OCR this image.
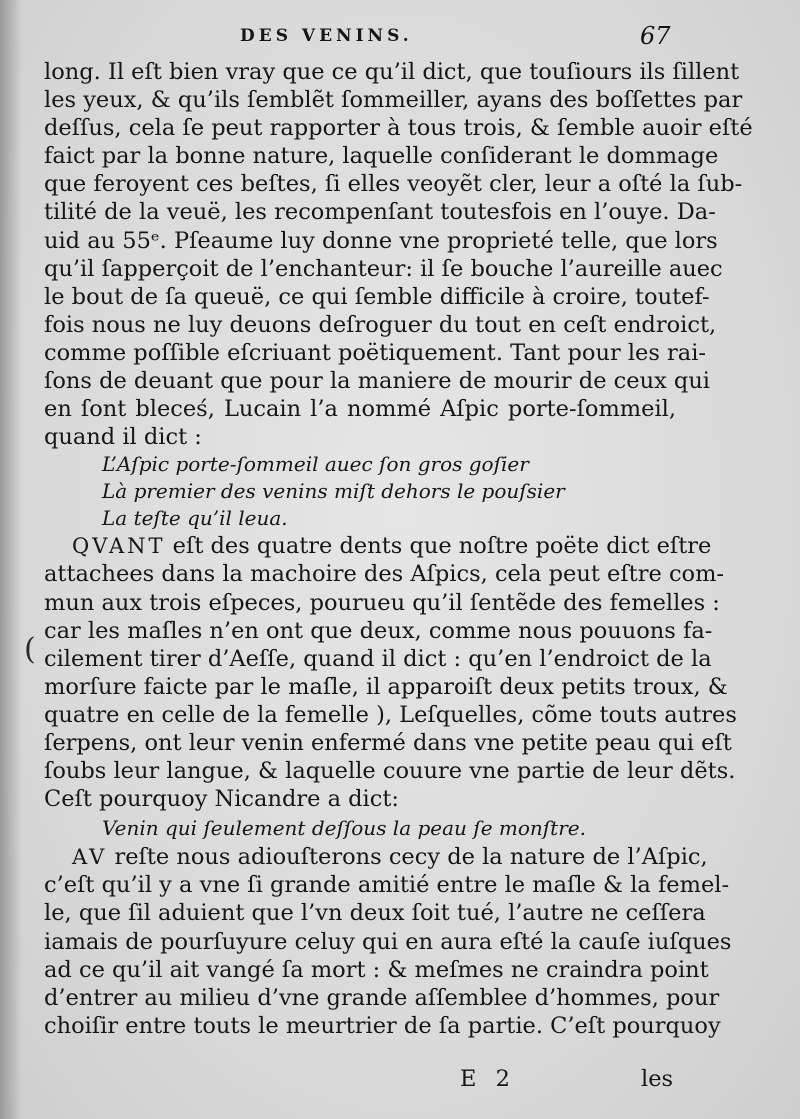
DES VENINS.	67
(
long. Il eſt bien vray que ce qu’il dict, que touſiours ils ſillent
les yeux, & qu’ils ſemblẽt ſommeiller, ayans des boſſettes par
deſſus, cela ſe peut rapporter à tous trois, & ſemble auoir eſté
faict par la bonne nature, laquelle conſiderant le dommage
que feroyent ces beſtes, ſi elles veoyẽt cler, leur a oſté la ſub-
tilité de la veuë, les recompenſant toutesfois en l’ouye. Da-
uid au 55ᵉ. Pſeaume luy donne vne proprieté telle, que lors
qu’il ſapperçoit de l’enchanteur: il ſe bouche l’aureille auec
le bout de ſa queuë, ce qui ſemble difficile à croire, toutef-
fois nous ne luy deuons deſroguer du tout en ceſt endroict,
comme poſſible eſcriuant poëtiquement. Tant pour les rai-
ſons de deuant que pour la maniere de mourir de ceux qui
en ſont bleceś, Lucain l’a nommé Aſpic porte-ſommeil,
quand il dict :
L’Aſpic porte-ſommeil auec ſon gros goſier
Là premier des venins miſt dehors le pouſsier
La teſte qu’il leua.
QVANT eſt des quatre dents que noſtre poëte dict eſtre
attachees dans la machoire des Aſpics, cela peut eſtre com-
mun aux trois eſpeces, pourueu qu’il ſentẽde des femelles :
car les maſles n’en ont que deux, comme nous pouuons fa-
cilement tirer d’Aeſſe, quand il dict : qu’en l’endroict de la
morſure faicte par le maſle, il apparoiſt deux petits troux, &
quatre en celle de la femelle ), Leſquelles, cõme touts autres
ſerpens, ont leur venin enfermé dans vne petite peau qui eſt
ſoubs leur langue, & laquelle couure vne partie de leur dẽts.
Ceſt pourquoy Nicandre a dict:
Venin qui ſeulement deſſous la peau ſe monſtre.
AV reſte nous adiouſterons cecy de la nature de l’Aſpic,
c’eſt qu’il y a vne ſi grande amitié entre le maſle & la femel-
le, que ſil aduient que l’vn deux ſoit tué, l’autre ne ceſſera
iamais de pourſuyure celuy qui en aura eſté la cauſe iuſques
ad ce qu’il ait vangé ſa mort : & meſmes ne craindra point
d’entrer au milieu d’vne grande aſſemblee d’hommes, pour
choiſir entre touts le meurtrier de ſa partie. C’eſt pourquoy
E 2	les
